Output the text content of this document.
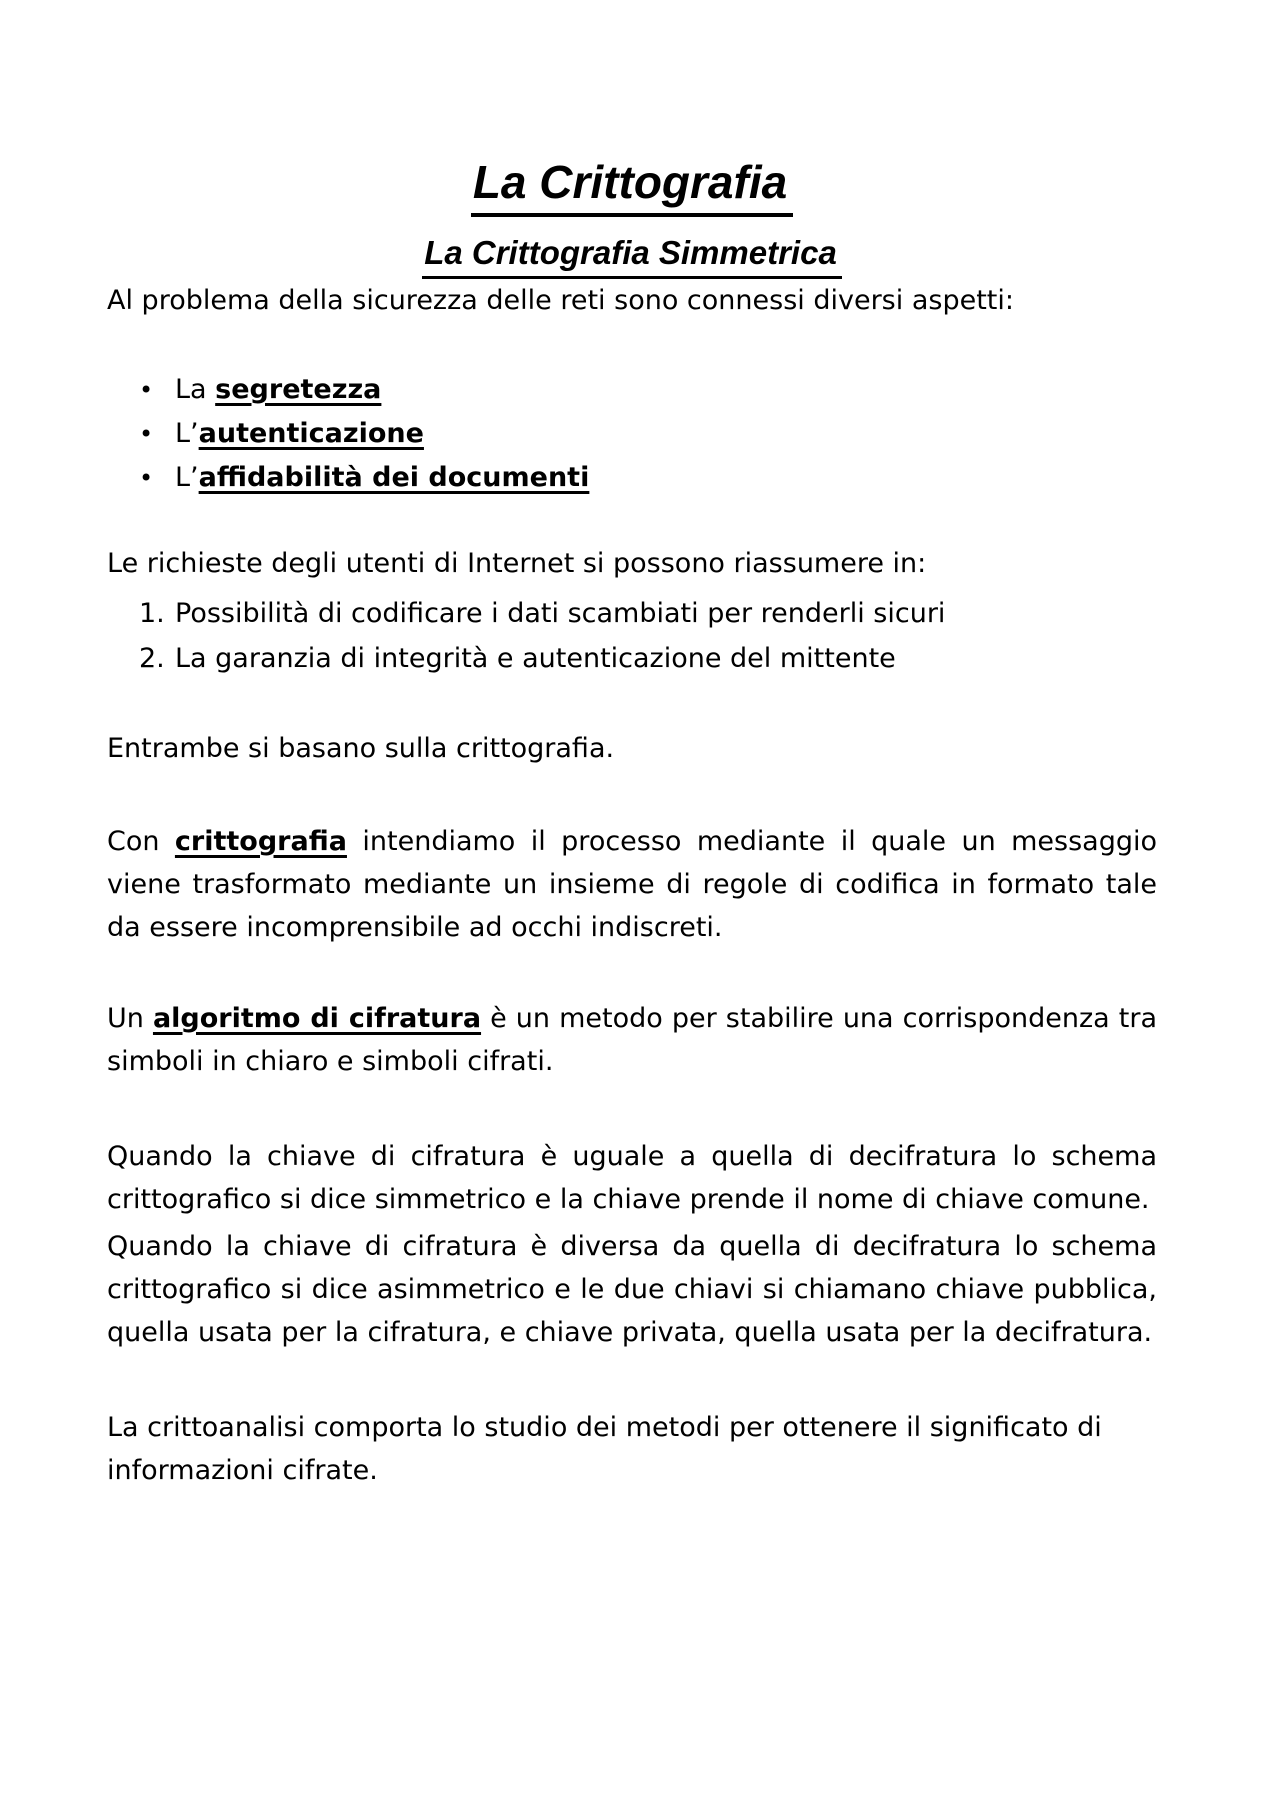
La Crittografia
La Crittografia Simmetrica

Al problema della sicurezza delle reti sono connessi diversi aspetti:

• La segretezza
• L’autenticazione
• L’affidabilità dei documenti

Le richieste degli utenti di Internet si possono riassumere in:

1. Possibilità di codificare i dati scambiati per renderli sicuri
2. La garanzia di integrità e autenticazione del mittente

Entrambe si basano sulla crittografia.

Con crittografia intendiamo il processo mediante il quale un messaggio viene trasformato mediante un insieme di regole di codifica in formato tale da essere incomprensibile ad occhi indiscreti.

Un algoritmo di cifratura è un metodo per stabilire una corrispondenza tra simboli in chiaro e simboli cifrati.

Quando la chiave di cifratura è uguale a quella di decifratura lo schema crittografico si dice simmetrico e la chiave prende il nome di chiave comune.

Quando la chiave di cifratura è diversa da quella di decifratura lo schema crittografico si dice asimmetrico e le due chiavi si chiamano chiave pubblica, quella usata per la cifratura, e chiave privata, quella usata per la decifratura.

La crittoanalisi comporta lo studio dei metodi per ottenere il significato di informazioni cifrate.
